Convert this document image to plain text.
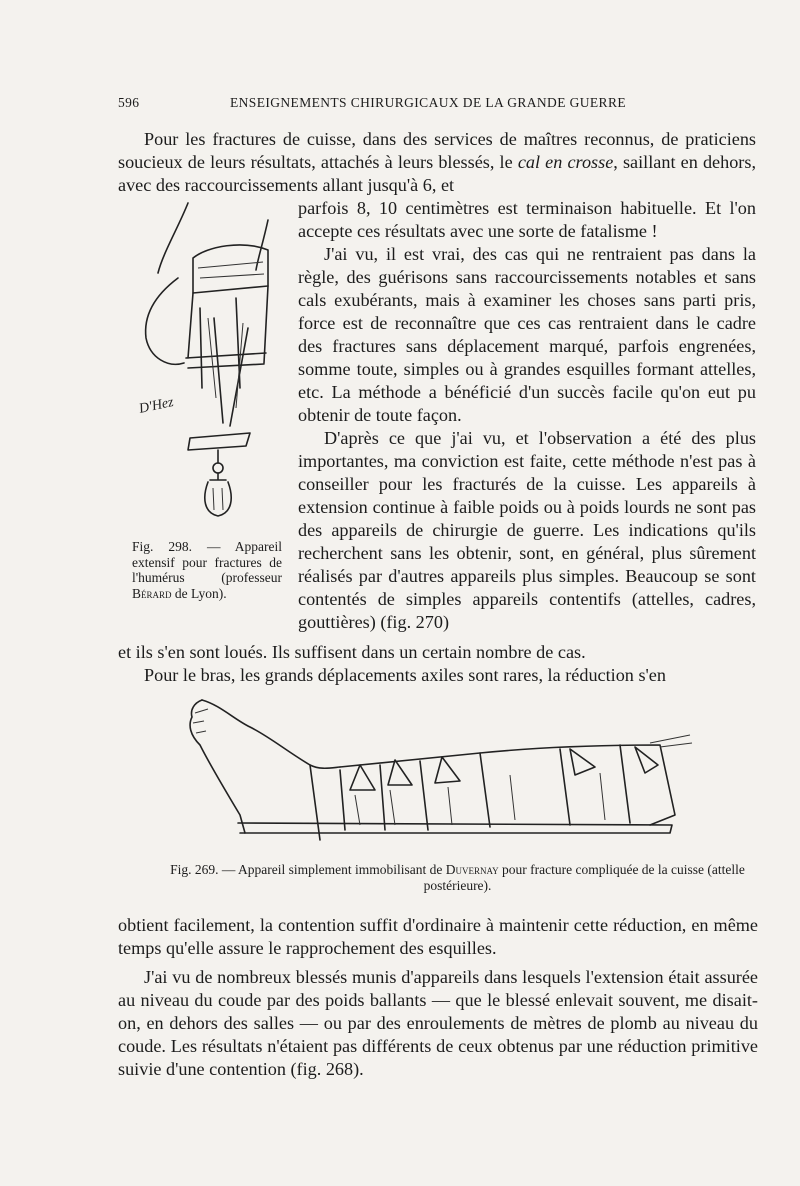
596	ENSEIGNEMENTS CHIRURGICAUX DE LA GRANDE GUERRE
Pour les fractures de cuisse, dans des services de maîtres reconnus, de praticiens soucieux de leurs résultats, attachés à leurs blessés, le cal en crosse, saillant en dehors, avec des raccourcissements allant jusqu'à 6, et

parfois 8, 10 centimètres est terminaison habituelle. Et l'on accepte ces résultats avec une sorte de fatalisme !

J'ai vu, il est vrai, des cas qui ne rentraient pas dans la règle, des guérisons sans raccourcissements notables et sans cals exubérants, mais à examiner les choses sans parti pris, force est de reconnaître que ces cas rentraient dans le cadre des fractures sans déplacement marqué, parfois engrenées, somme toute, simples ou à grandes esquilles formant attelles, etc. La méthode a bénéficié d'un succès facile qu'on eut pu obtenir de toute façon.

D'après ce que j'ai vu, et l'observation a été des plus importantes, ma conviction est faite, cette méthode n'est pas à conseiller pour les fracturés de la cuisse. Les appareils à extension continue à faible poids ou à poids lourds ne sont pas des appareils de chirurgie de guerre. Les indications qu'ils recherchent sans les obtenir, sont, en général, plus sûrement réalisés par d'autres appareils plus simples. Beaucoup se sont contentés de simples appareils contentifs (attelles, cadres, gouttières) (fig. 270)

D'Hez
Fig. 298. — Appareil extensif pour fractures de l'humérus (professeur Bérard de Lyon).

et ils s'en sont loués. Ils suffisent dans un certain nombre de cas.

Pour le bras, les grands déplacements axiles sont rares, la réduction s'en
Fig. 269. — Appareil simplement immobilisant de Duvernay pour fracture compliquée de la cuisse (attelle postérieure).

obtient facilement, la contention suffit d'ordinaire à maintenir cette réduction, en même temps qu'elle assure le rapprochement des esquilles.

J'ai vu de nombreux blessés munis d'appareils dans lesquels l'extension était assurée au niveau du coude par des poids ballants — que le blessé enlevait souvent, me disait-on, en dehors des salles — ou par des enroulements de mètres de plomb au niveau du coude. Les résultats n'étaient pas différents de ceux obtenus par une réduction primitive suivie d'une contention (fig. 268).
